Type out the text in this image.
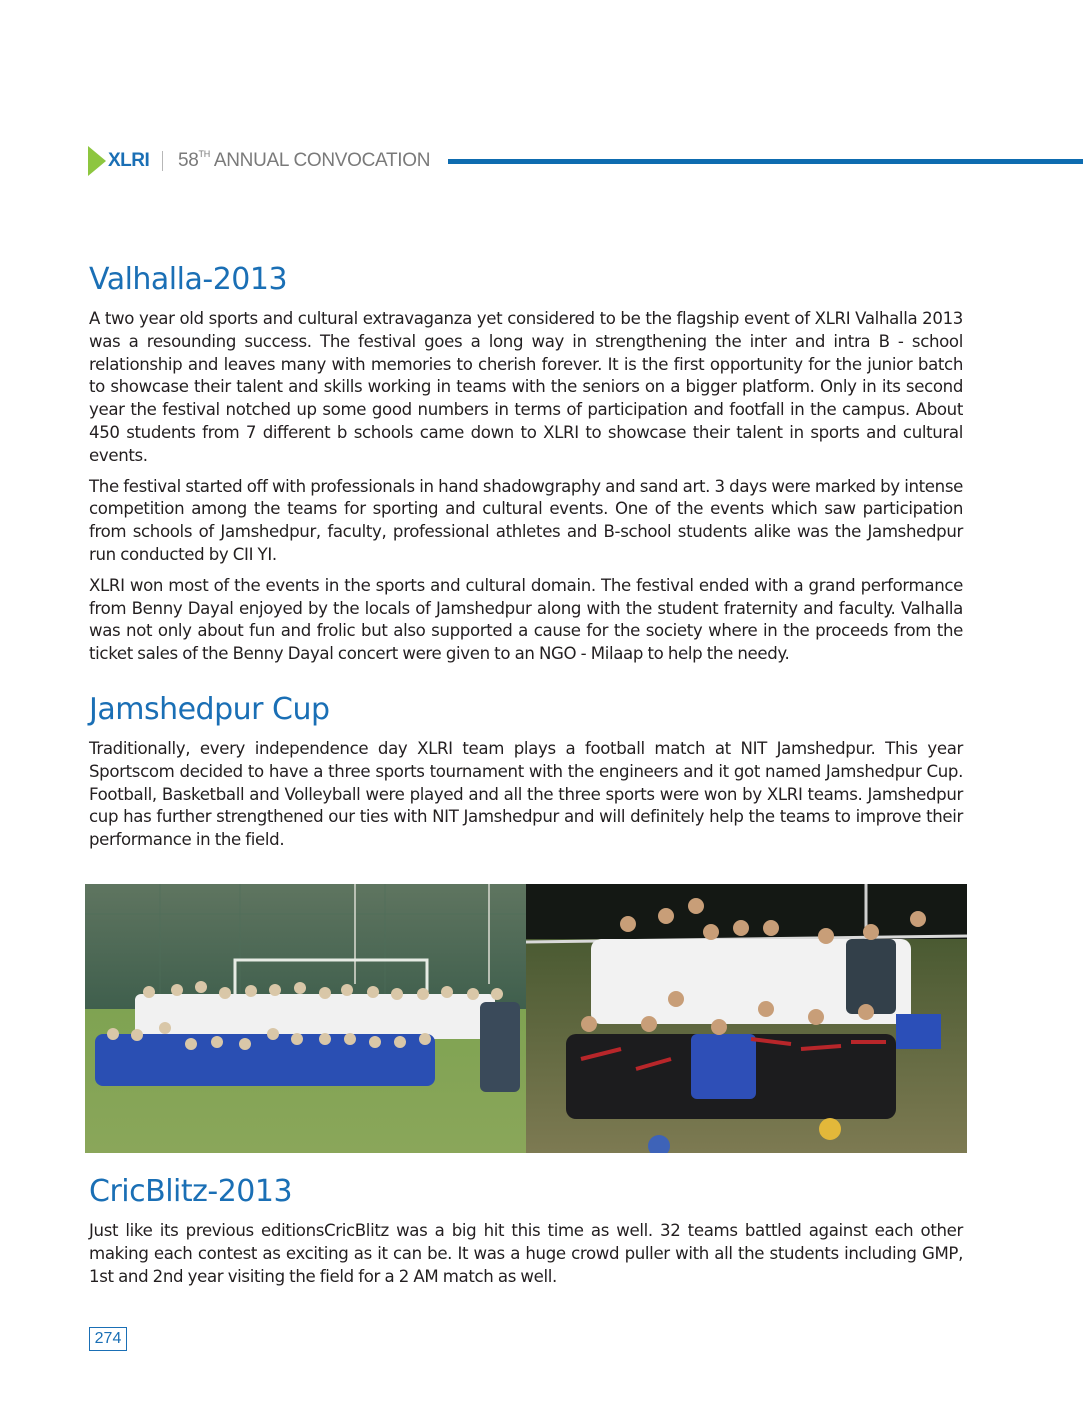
XLRI 58TH ANNUAL CONVOCATION
Valhalla-2013

A two year old sports and cultural extravaganza yet considered to be the flagship event of XLRI Valhalla 2013 was a resounding success. The festival goes a long way in strengthening the inter and intra B - school relationship and leaves many with memories to cherish forever. It is the first opportunity for the junior batch to showcase their talent and skills working in teams with the seniors on a bigger platform. Only in its second year the festival notched up some good numbers in terms of participation and footfall in the campus. About 450 students from 7 different b schools came down to XLRI to showcase their talent in sports and cultural events.

The festival started off with professionals in hand shadowgraphy and sand art. 3 days were marked by intense competition among the teams for sporting and cultural events. One of the events which saw participation from schools of Jamshedpur, faculty, professional athletes and B-school students alike was the Jamshedpur run conducted by CII YI.

XLRI won most of the events in the sports and cultural domain. The festival ended with a grand performance from Benny Dayal enjoyed by the locals of Jamshedpur along with the student fraternity and faculty. Valhalla was not only about fun and frolic but also supported a cause for the society where in the proceeds from the ticket sales of the Benny Dayal concert were given to an NGO - Milaap to help the needy.

Jamshedpur Cup

Traditionally, every independence day XLRI team plays a football match at NIT Jamshedpur. This year Sportscom decided to have a three sports tournament with the engineers and it got named Jamshedpur Cup. Football, Basketball and Volleyball were played and all the three sports were won by XLRI teams. Jamshedpur cup has further strengthened our ties with NIT Jamshedpur and will definitely help the teams to improve their performance in the field.

CricBlitz-2013

Just like its previous editionsCricBlitz was a big hit this time as well. 32 teams battled against each other making each contest as exciting as it can be. It was a huge crowd puller with all the students including GMP, 1st and 2nd year visiting the field for a 2 AM match as well.

274
